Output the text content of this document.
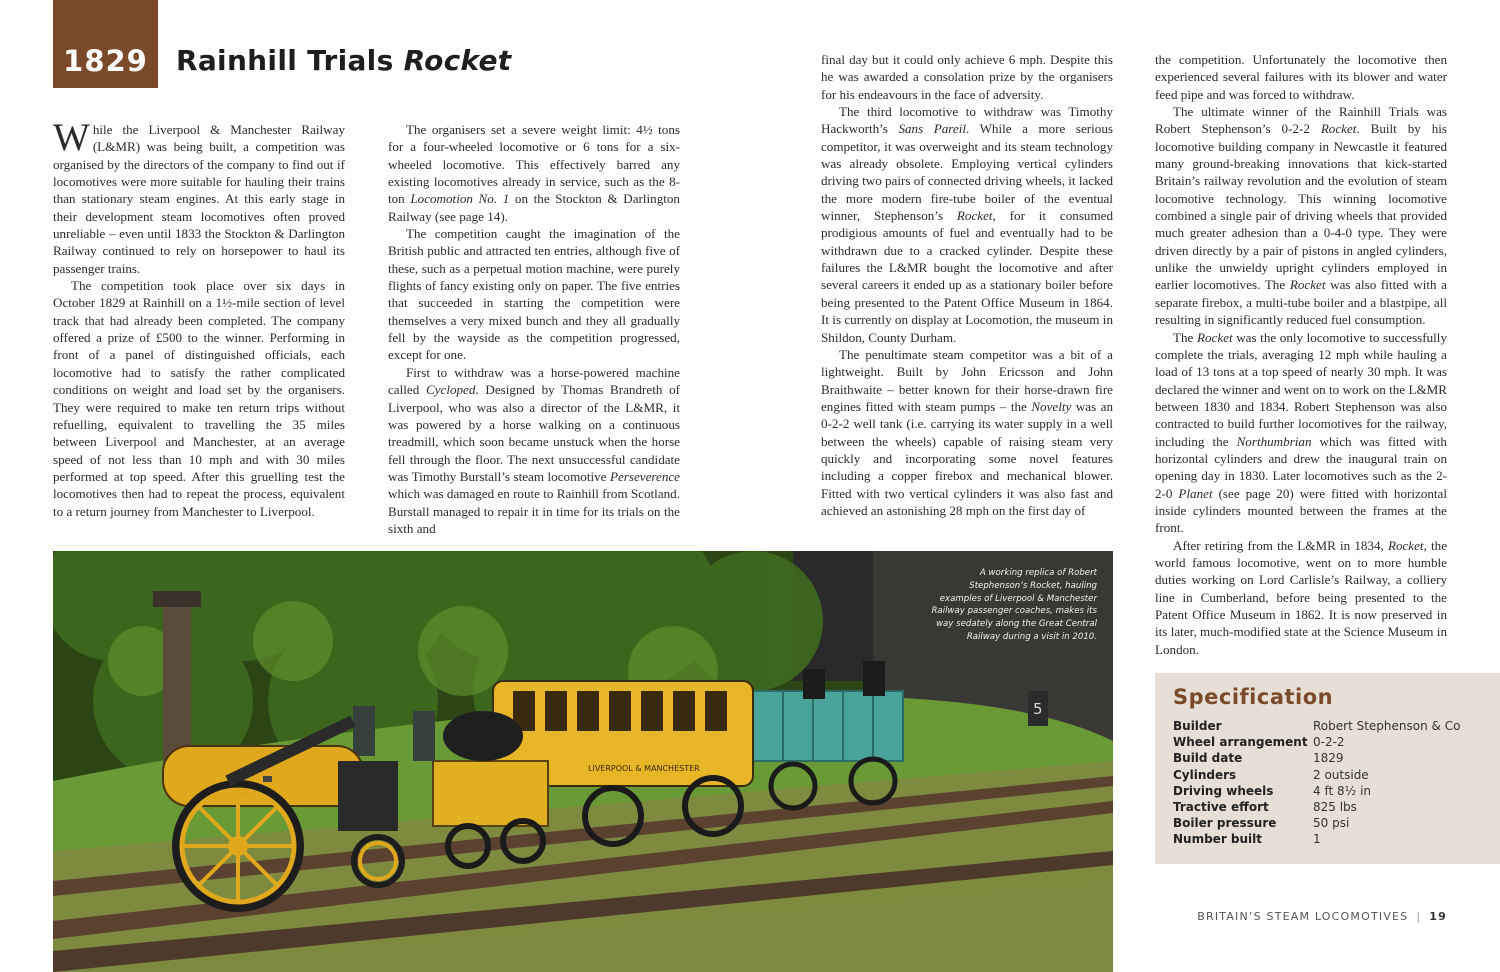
1829 Rainhill Trials Rocket

While the Liverpool & Manchester Railway (L&MR) was being built, a competition was organised by the directors of the company to find out if locomotives were more suitable for hauling their trains than stationary steam engines. At this early stage in their development steam locomotives often proved unreliable – even until 1833 the Stockton & Darlington Railway continued to rely on horsepower to haul its passenger trains.

The competition took place over six days in October 1829 at Rainhill on a 1½-mile section of level track that had already been completed. The company offered a prize of £500 to the winner. Performing in front of a panel of distinguished officials, each locomotive had to satisfy the rather complicated conditions on weight and load set by the organisers. They were required to make ten return trips without refuelling, equivalent to travelling the 35 miles between Liverpool and Manchester, at an average speed of not less than 10 mph and with 30 miles performed at top speed. After this gruelling test the locomotives then had to repeat the process, equivalent to a return journey from Manchester to Liverpool.

The organisers set a severe weight limit: 4½ tons for a four-wheeled locomotive or 6 tons for a six-wheeled locomotive. This effectively barred any existing locomotives already in service, such as the 8-ton Locomotion No. 1 on the Stockton & Darlington Railway (see page 14).

The competition caught the imagination of the British public and attracted ten entries, although five of these, such as a perpetual motion machine, were purely flights of fancy existing only on paper. The five entries that succeeded in starting the competition were themselves a very mixed bunch and they all gradually fell by the wayside as the competition progressed, except for one.

First to withdraw was a horse-powered machine called Cycloped. Designed by Thomas Brandreth of Liverpool, who was also a director of the L&MR, it was powered by a horse walking on a continuous treadmill, which soon became unstuck when the horse fell through the floor. The next unsuccessful candidate was Timothy Burstall’s steam locomotive Perseverence which was damaged en route to Rainhill from Scotland. Burstall managed to repair it in time for its trials on the sixth and

final day but it could only achieve 6 mph. Despite this he was awarded a consolation prize by the organisers for his endeavours in the face of adversity.

The third locomotive to withdraw was Timothy Hackworth’s Sans Pareil. While a more serious competitor, it was overweight and its steam technology was already obsolete. Employing vertical cylinders driving two pairs of connected driving wheels, it lacked the more modern fire-tube boiler of the eventual winner, Stephenson’s Rocket, for it consumed prodigious amounts of fuel and eventually had to be withdrawn due to a cracked cylinder. Despite these failures the L&MR bought the locomotive and after several careers it ended up as a stationary boiler before being presented to the Patent Office Museum in 1864. It is currently on display at Locomotion, the museum in Shildon, County Durham.

The penultimate steam competitor was a bit of a lightweight. Built by John Ericsson and John Braithwaite – better known for their horse-drawn fire engines fitted with steam pumps – the Novelty was an 0-2-2 well tank (i.e. carrying its water supply in a well between the wheels) capable of raising steam very quickly and incorporating some novel features including a copper firebox and mechanical blower. Fitted with two vertical cylinders it was also fast and achieved an astonishing 28 mph on the first day of

the competition. Unfortunately the locomotive then experienced several failures with its blower and water feed pipe and was forced to withdraw.

The ultimate winner of the Rainhill Trials was Robert Stephenson’s 0-2-2 Rocket. Built by his locomotive building company in Newcastle it featured many ground-breaking innovations that kick-started Britain’s railway revolution and the evolution of steam locomotive technology. This winning locomotive combined a single pair of driving wheels that provided much greater adhesion than a 0-4-0 type. They were driven directly by a pair of pistons in angled cylinders, unlike the unwieldy upright cylinders employed in earlier locomotives. The Rocket was also fitted with a separate firebox, a multi-tube boiler and a blastpipe, all resulting in significantly reduced fuel consumption.

The Rocket was the only locomotive to successfully complete the trials, averaging 12 mph while hauling a load of 13 tons at a top speed of nearly 30 mph. It was declared the winner and went on to work on the L&MR between 1830 and 1834. Robert Stephenson was also contracted to build further locomotives for the railway, including the Northumbrian which was fitted with horizontal cylinders and drew the inaugural train on opening day in 1830. Later locomotives such as the 2-2-0 Planet (see page 20) were fitted with horizontal inside cylinders mounted between the frames at the front.

After retiring from the L&MR in 1834, Rocket, the world famous locomotive, went on to more humble duties working on Lord Carlisle’s Railway, a colliery line in Cumberland, before being presented to the Patent Office Museum in 1862. It is now preserved in its later, much-modified state at the Science Museum in London.

LIVERPOOL & MANCHESTER
ROCKET
5
A working replica of Robert Stephenson’s Rocket, hauling examples of Liverpool & Manchester Railway passenger coaches, makes its way sedately along the Great Central Railway during a visit in 2010.
Specification
Builder	Robert Stephenson & Co
Wheel arrangement 0-2-2
Build date	1829
Cylinders	2 outside
Driving wheels	4 ft 8½ in
Tractive effort	825 lbs
Boiler pressure	50 psi
Number built	1
BRITAIN’S STEAM LOCOMOTIVES | 19
